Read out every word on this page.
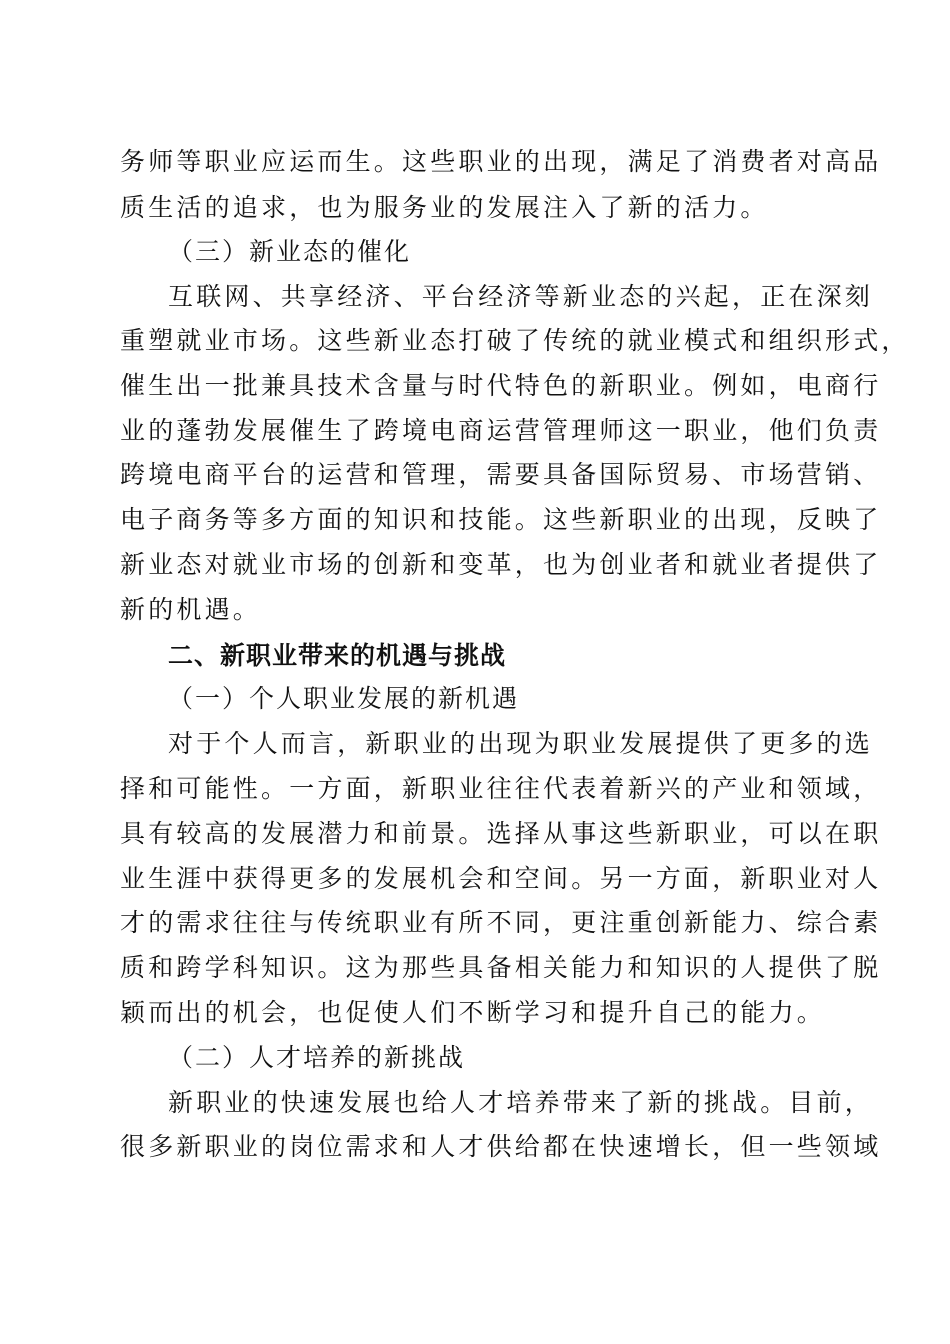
务师等职业应运而生。这些职业的出现，满足了消费者对高品
质生活的追求，也为服务业的发展注入了新的活力。
（三）新业态的催化
互联网、共享经济、平台经济等新业态的兴起，正在深刻
重塑就业市场。这些新业态打破了传统的就业模式和组织形式，
催生出一批兼具技术含量与时代特色的新职业。例如，电商行
业的蓬勃发展催生了跨境电商运营管理师这一职业，他们负责
跨境电商平台的运营和管理，需要具备国际贸易、市场营销、
电子商务等多方面的知识和技能。这些新职业的出现，反映了
新业态对就业市场的创新和变革，也为创业者和就业者提供了
新的机遇。
二、新职业带来的机遇与挑战
（一）个人职业发展的新机遇
对于个人而言，新职业的出现为职业发展提供了更多的选
择和可能性。一方面，新职业往往代表着新兴的产业和领域，
具有较高的发展潜力和前景。选择从事这些新职业，可以在职
业生涯中获得更多的发展机会和空间。另一方面，新职业对人
才的需求往往与传统职业有所不同，更注重创新能力、综合素
质和跨学科知识。这为那些具备相关能力和知识的人提供了脱
颖而出的机会，也促使人们不断学习和提升自己的能力。
（二）人才培养的新挑战
新职业的快速发展也给人才培养带来了新的挑战。目前，
很多新职业的岗位需求和人才供给都在快速增长，但一些领域
